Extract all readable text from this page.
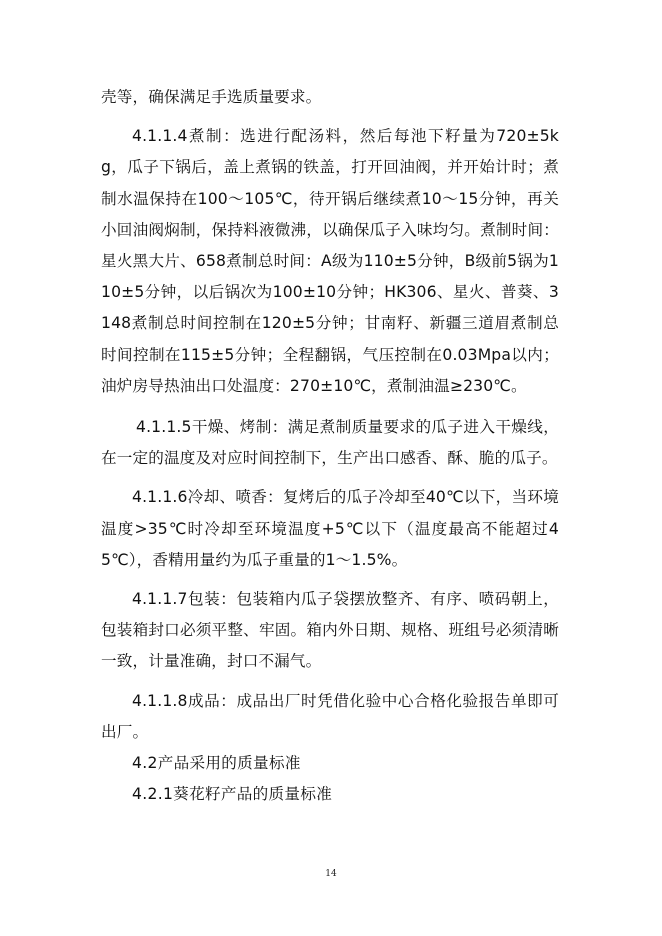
壳等，确保满足手选质量要求。

4.1.1.4煮制：选进行配汤料，然后每池下籽量为720±5kg，瓜子下锅后，盖上煮锅的铁盖，打开回油阀，并开始计时；煮制水温保持在100～105℃，待开锅后继续煮10～15分钟，再关小回油阀焖制，保持料液微沸，以确保瓜子入味均匀。煮制时间：星火黑大片、658煮制总时间：A级为110±5分钟，B级前5锅为110±5分钟，以后锅次为100±10分钟；HK306、星火、普葵、3148煮制总时间控制在120±5分钟；甘南籽、新疆三道眉煮制总时间控制在115±5分钟；全程翻锅，气压控制在0.03Mpa以内；油炉房导热油出口处温度：270±10℃，煮制油温≥230℃。

4.1.1.5干燥、烤制：满足煮制质量要求的瓜子进入干燥线，在一定的温度及对应时间控制下，生产出口感香、酥、脆的瓜子。

4.1.1.6冷却、喷香：复烤后的瓜子冷却至40℃以下，当环境温度>35℃时冷却至环境温度+5℃以下（温度最高不能超过45℃），香精用量约为瓜子重量的1～1.5%。

4.1.1.7包装：包装箱内瓜子袋摆放整齐、有序、喷码朝上，包装箱封口必须平整、牢固。箱内外日期、规格、班组号必须清晰一致，计量准确，封口不漏气。

4.1.1.8成品：成品出厂时凭借化验中心合格化验报告单即可出厂。

4.2产品采用的质量标准

4.2.1葵花籽产品的质量标准

14
